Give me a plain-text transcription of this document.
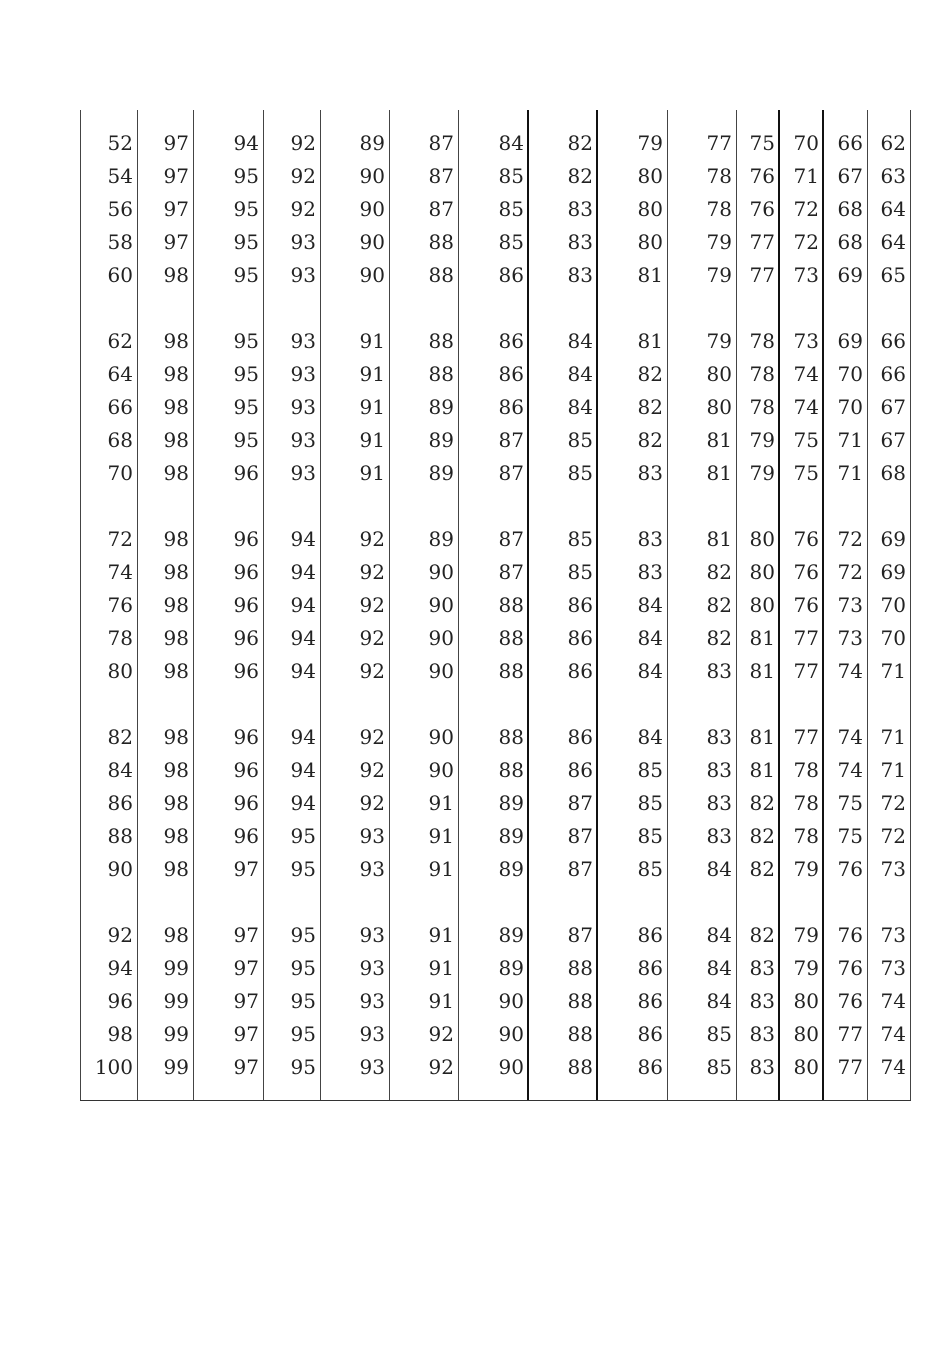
52 97 94 92 89 87 84 82 79 77 75 70 66 62
54 97 95 92 90 87 85 82 80 78 76 71 67 63
56 97 95 92 90 87 85 83 80 78 76 72 68 64
58 97 95 93 90 88 85 83 80 79 77 72 68 64
60 98 95 93 90 88 86 83 81 79 77 73 69 65
62 98 95 93 91 88 86 84 81 79 78 73 69 66
64 98 95 93 91 88 86 84 82 80 78 74 70 66
66 98 95 93 91 89 86 84 82 80 78 74 70 67
68 98 95 93 91 89 87 85 82 81 79 75 71 67
70 98 96 93 91 89 87 85 83 81 79 75 71 68
72 98 96 94 92 89 87 85 83 81 80 76 72 69
74 98 96 94 92 90 87 85 83 82 80 76 72 69
76 98 96 94 92 90 88 86 84 82 80 76 73 70
78 98 96 94 92 90 88 86 84 82 81 77 73 70
80 98 96 94 92 90 88 86 84 83 81 77 74 71
82 98 96 94 92 90 88 86 84 83 81 77 74 71
84 98 96 94 92 90 88 86 85 83 81 78 74 71
86 98 96 94 92 91 89 87 85 83 82 78 75 72
88 98 96 95 93 91 89 87 85 83 82 78 75 72
90 98 97 95 93 91 89 87 85 84 82 79 76 73
92 98 97 95 93 91 89 87 86 84 82 79 76 73
94 99 97 95 93 91 89 88 86 84 83 79 76 73
96 99 97 95 93 91 90 88 86 84 83 80 76 74
98 99 97 95 93 92 90 88 86 85 83 80 77 74
100 99 97 95 93 92 90 88 86 85 83 80 77 74
